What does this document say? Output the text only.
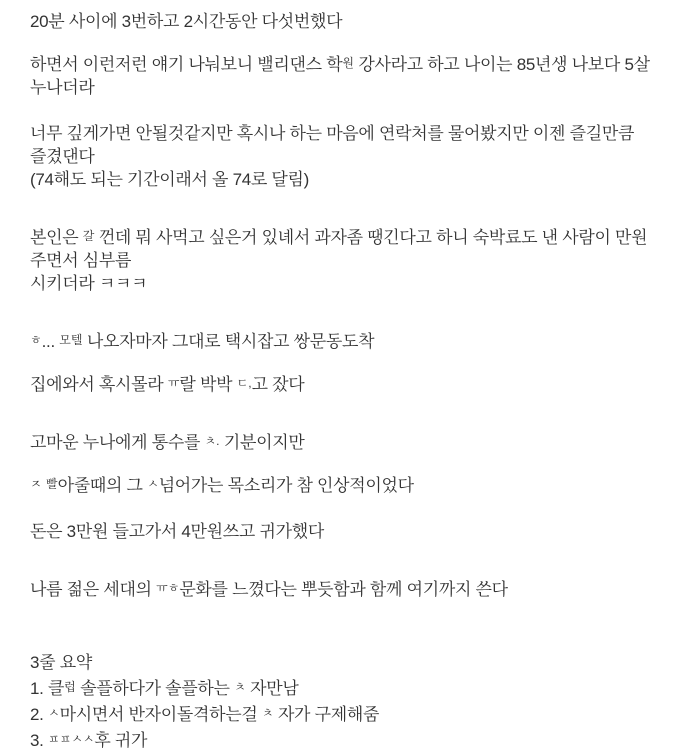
20분 사이에 3번하고 2시간동안 다섯번했다

하면서 이런저런 얘기 나눠보니 밸리댄스 학원 강사라고 하고 나이는 85년생 나보다 5살 누나더라

너무 깊게가면 안될것같지만 혹시나 하는 마음에 연락처를 물어봤지만 이젠 즐길만큼 즐겼댄다
(74해도 되는 기간이래서 올 74로 달림)

본인은 갈 껀데 뭐 사먹고 싶은거 있녜서 과자좀 땡긴다고 하니 숙박료도 낸 사람이 만원 주면서 심부름
시키더라 ㅋㅋㅋ

ㅎ... 모텔 나오자마자 그대로 택시잡고 쌍문동도착

집에와서 혹시몰라 ㅠ랄 박박 ㄷ,고 잤다

고마운 누나에게 통수를 ㅊ. 기분이지만

ㅈ 빨아줄때의 그 ㅅ넘어가는 목소리가 참 인상적이었다

돈은 3만원 들고가서 4만원쓰고 귀가했다

나름 젊은 세대의 ㅠㅎ문화를 느꼈다는 뿌듯함과 함께 여기까지 쓴다

3줄 요약

1. 클럽 솔플하다가 솔플하는 ㅊ 자만남

2. ㅅ마시면서 반자이돌격하는걸 ㅊ 자가 구제해줌

3. ㅍㅍㅅㅅ후 귀가
